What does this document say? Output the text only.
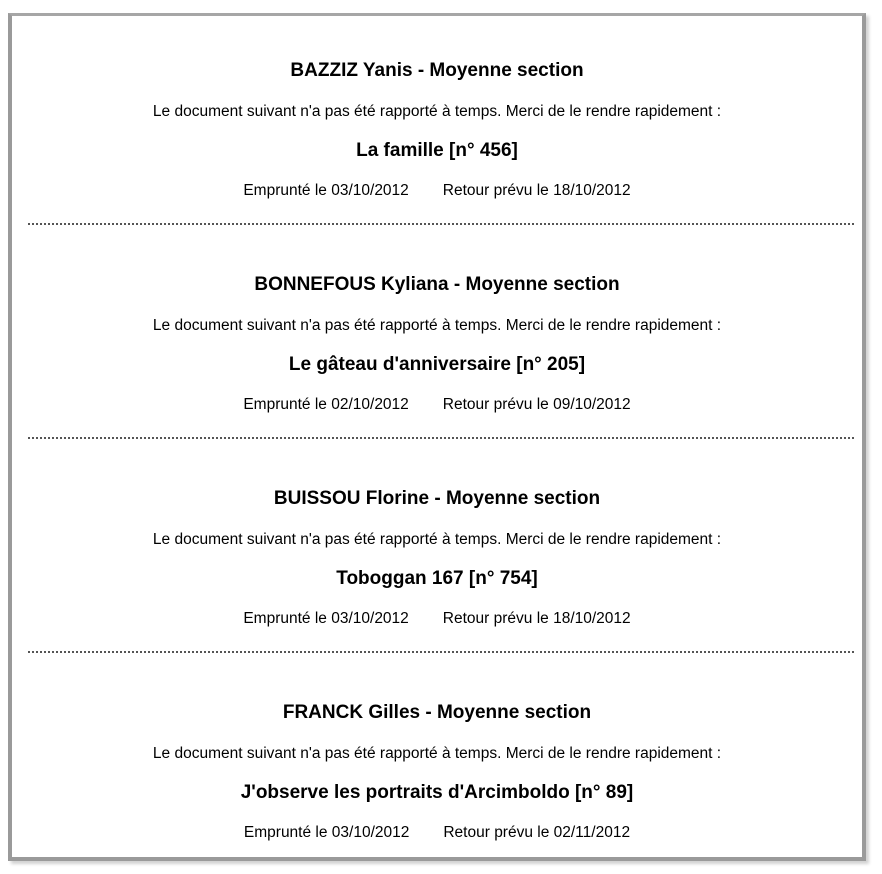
BAZZIZ Yanis - Moyenne section
Le document suivant n'a pas été rapporté à temps. Merci de le rendre rapidement :
La famille [n° 456]
Emprunté le 03/10/2012 Retour prévu le 18/10/2012
BONNEFOUS Kyliana - Moyenne section
Le document suivant n'a pas été rapporté à temps. Merci de le rendre rapidement :
Le gâteau d'anniversaire [n° 205]
Emprunté le 02/10/2012 Retour prévu le 09/10/2012
BUISSOU Florine - Moyenne section
Le document suivant n'a pas été rapporté à temps. Merci de le rendre rapidement :
Toboggan 167 [n° 754]
Emprunté le 03/10/2012 Retour prévu le 18/10/2012
FRANCK Gilles - Moyenne section
Le document suivant n'a pas été rapporté à temps. Merci de le rendre rapidement :
J'observe les portraits d'Arcimboldo [n° 89]
Emprunté le 03/10/2012 Retour prévu le 02/11/2012
